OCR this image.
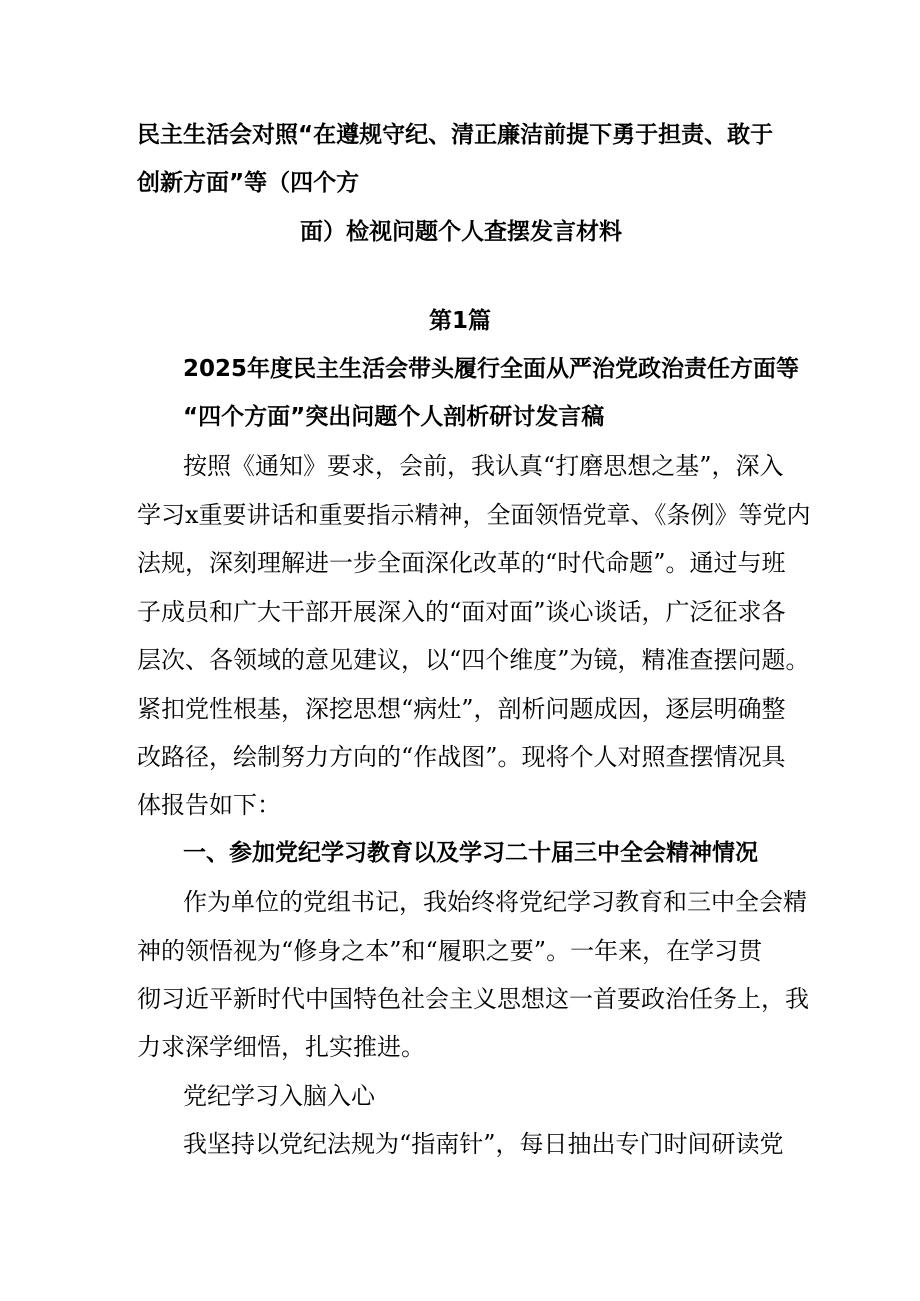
民主生活会对照“在遵规守纪、清正廉洁前提下勇于担责、敢于
创新方面”等（四个方
面）检视问题个人查摆发言材料
第1篇
2025年度民主生活会带头履行全面从严治党政治责任方面等
“四个方面”突出问题个人剖析研讨发言稿
按照《通知》要求，会前，我认真“打磨思想之基”，深入
学习x重要讲话和重要指示精神，全面领悟党章、《条例》等党内
法规，深刻理解进一步全面深化改革的“时代命题”。通过与班
子成员和广大干部开展深入的“面对面”谈心谈话，广泛征求各
层次、各领域的意见建议，以“四个维度”为镜，精准查摆问题。
紧扣党性根基，深挖思想“病灶”，剖析问题成因，逐层明确整
改路径，绘制努力方向的“作战图”。现将个人对照查摆情况具
体报告如下：
一、参加党纪学习教育以及学习二十届三中全会精神情况
作为单位的党组书记，我始终将党纪学习教育和三中全会精
神的领悟视为“修身之本”和“履职之要”。一年来，在学习贯
彻习近平新时代中国特色社会主义思想这一首要政治任务上，我
力求深学细悟，扎实推进。
党纪学习入脑入心
我坚持以党纪法规为“指南针”，每日抽出专门时间研读党
